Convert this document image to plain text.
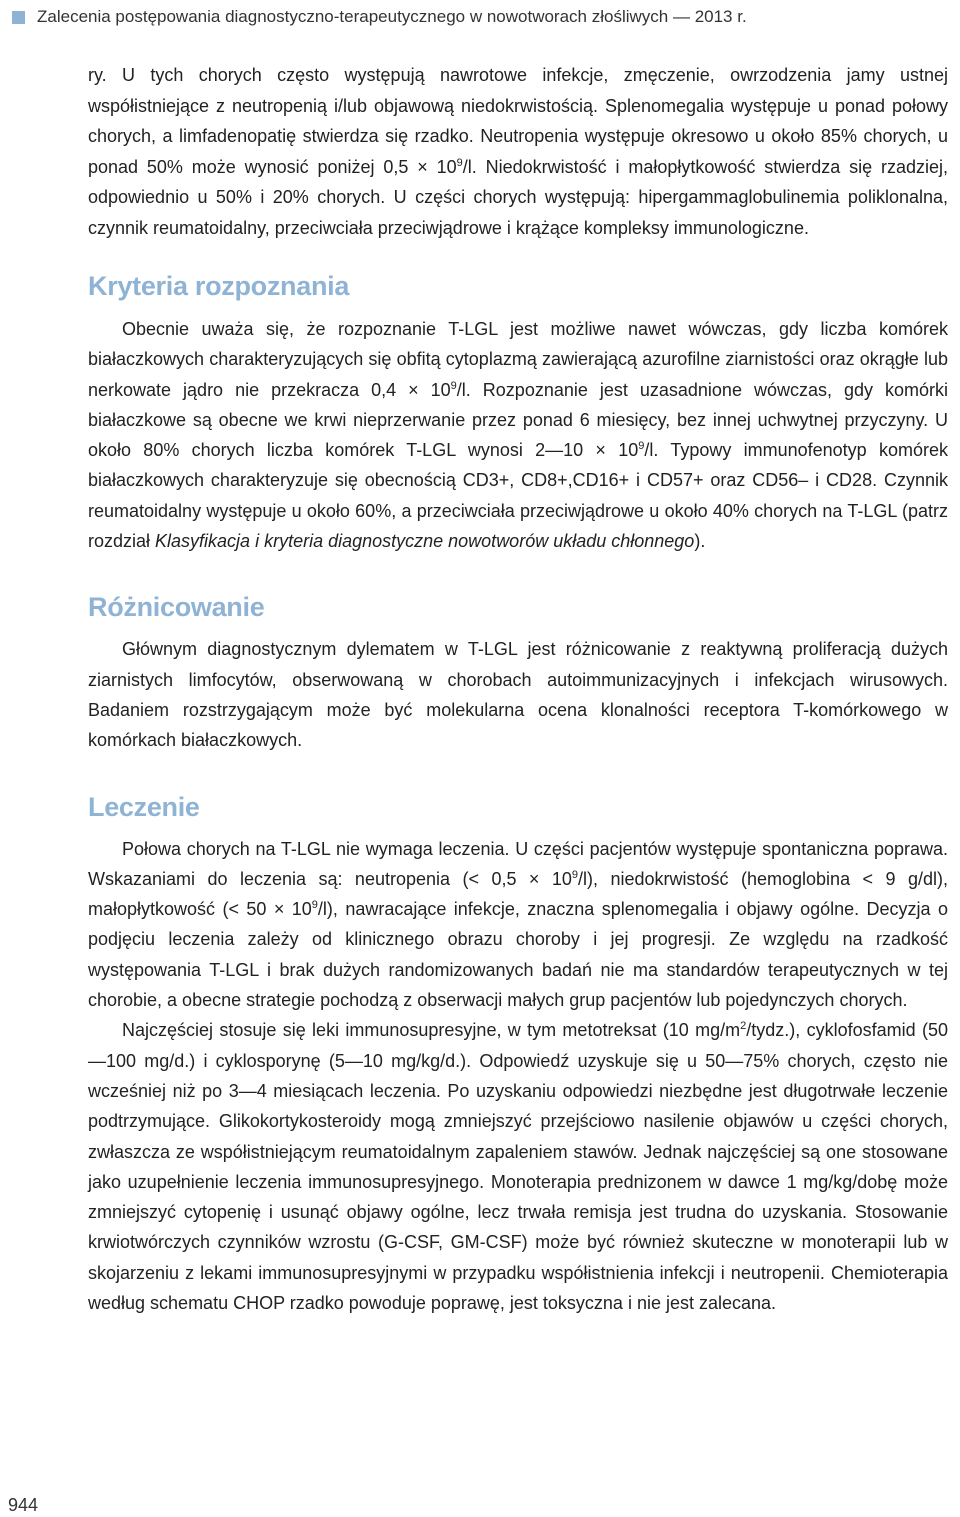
Zalecenia postępowania diagnostyczno-terapeutycznego w nowotworach złośliwych — 2013 r.

ry. U tych chorych często występują nawrotowe infekcje, zmęczenie, owrzodzenia jamy ustnej współistniejące z neutropenią i/lub objawową niedokrwistością. Splenomegalia występuje u ponad połowy chorych, a limfadenopatię stwierdza się rzadko. Neutropenia występuje okresowo u około 85% chorych, u ponad 50% może wynosić poniżej $0,5 \times 10^9/l$. Niedokrwistość i małopłytkowość stwierdza się rzadziej, odpowiednio u 50% i 20% chorych. U części chorych występują: hipergammaglobulinemia poliklonalna, czynnik reumatoidalny, przeciwciała przeciwjądrowe i krążące kompleksy immunologiczne.

Kryteria rozpoznania

Obecnie uważa się, że rozpoznanie T-LGL jest możliwe nawet wówczas, gdy liczba komórek białaczkowych charakteryzujących się obfitą cytoplazmą zawierającą azurofilne ziarnistości oraz okrągłe lub nerkowate jądro nie przekracza $0,4 \times 10^9/l$. Rozpoznanie jest uzasadnione wówczas, gdy komórki białaczkowe są obecne we krwi nieprzerwanie przez ponad 6 miesięcy, bez innej uchwytnej przyczyny. U około 80% chorych liczba komórek T-LGL wynosi 2—10 × $10^9/l$. Typowy immunofenotyp komórek białaczkowych charakteryzuje się obecnością CD3+, CD8+,CD16+ i CD57+ oraz CD56– i CD28. Czynnik reumatoidalny występuje u około 60%, a przeciwciała przeciwjądrowe u około 40% chorych na T-LGL (patrz rozdział Klasyfikacja i kryteria diagnostyczne nowotworów układu chłonnego).

Różnicowanie

Głównym diagnostycznym dylematem w T-LGL jest różnicowanie z reaktywną proliferacją dużych ziarnistych limfocytów, obserwowaną w chorobach autoimmunizacyjnych i infekcjach wirusowych. Badaniem rozstrzygającym może być molekularna ocena klonalności receptora T-komórkowego w komórkach białaczkowych.

Leczenie

Połowa chorych na T-LGL nie wymaga leczenia. U części pacjentów występuje spontaniczna poprawa. Wskazaniami do leczenia są: neutropenia (< $0,5 \times 10^9/l$), niedokrwistość (hemoglobina < 9 g/dl), małopłytkowość (< $50 \times 10^9/l$), nawracające infekcje, znaczna splenomegalia i objawy ogólne. Decyzja o podjęciu leczenia zależy od klinicznego obrazu choroby i jej progresji. Ze względu na rzadkość występowania T-LGL i brak dużych randomizowanych badań nie ma standardów terapeutycznych w tej chorobie, a obecne strategie pochodzą z obserwacji małych grup pacjentów lub pojedynczych chorych.

Najczęściej stosuje się leki immunosupresyjne, w tym metotreksat (10 $mg/m^2/tydz$.), cyklofosfamid (50—100 mg/d.) i cyklosporynę (5—10 mg/kg/d.). Odpowiedź uzyskuje się u 50—75% chorych, często nie wcześniej niż po 3—4 miesiącach leczenia. Po uzyskaniu odpowiedzi niezbędne jest długotrwałe leczenie podtrzymujące. Glikokortykosteroidy mogą zmniejszyć przejściowo nasilenie objawów u części chorych, zwłaszcza ze współistniejącym reumatoidalnym zapaleniem stawów. Jednak najczęściej są one stosowane jako uzupełnienie leczenia immunosupresyjnego. Monoterapia prednizonem w dawce 1 mg/kg/dobę może zmniejszyć cytopenię i usunąć objawy ogólne, lecz trwała remisja jest trudna do uzyskania. Stosowanie krwiotwórczych czynników wzrostu (G-CSF, GM-CSF) może być również skuteczne w monoterapii lub w skojarzeniu z lekami immunosupresyjnymi w przypadku współistnienia infekcji i neutropenii. Chemioterapia według schematu CHOP rzadko powoduje poprawę, jest toksyczna i nie jest zalecana.

944
